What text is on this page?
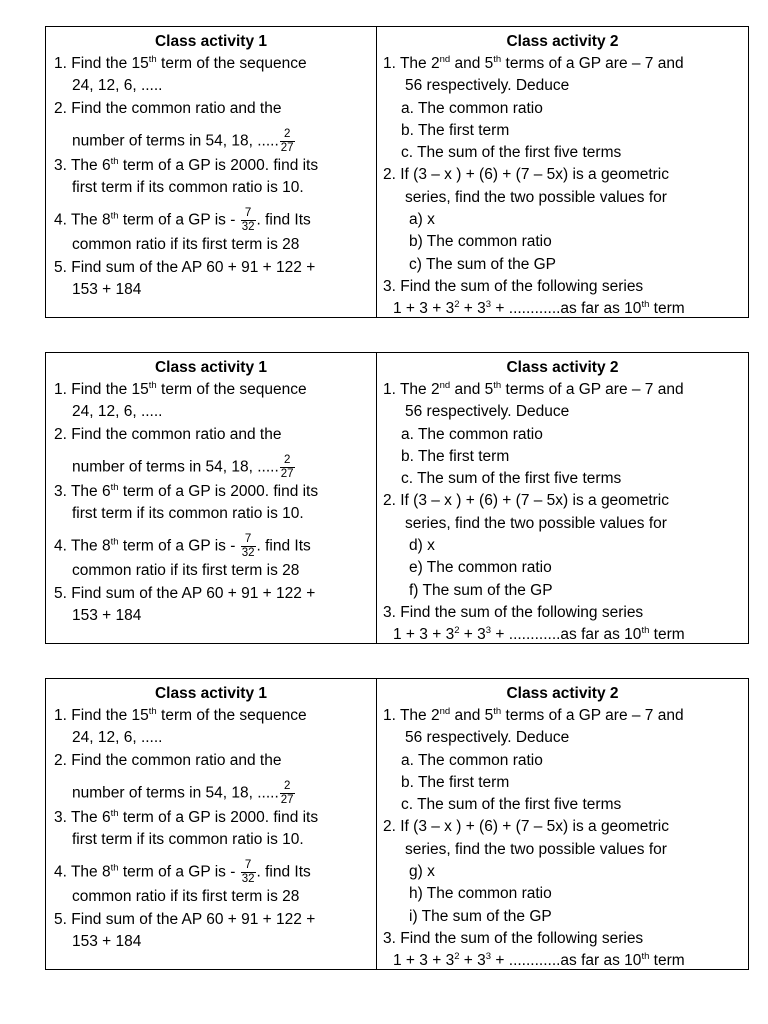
Class activity 1
1. Find the 15th term of the sequence
24, 12, 6, .....
2. Find the common ratio and the
number of terms in 54, 18, ..... $\frac{2}{27}$
3. The 6th term of a GP is 2000. find its
first term if its common ratio is 10.
4. The 8th term of a GP is - $\frac{7}{32}$ . find Its
common ratio if its first term is 28
5. Find sum of the AP 60 + 91 + 122 +
153 + 184
Class activity 2
1. The 2nd and 5th terms of a GP are – 7 and
56 respectively. Deduce
a. The common ratio
b. The first term
c. The sum of the first five terms
2. If (3 – x ) + (6) + (7 – 5x) is a geometric
series, find the two possible values for
a) x
b) The common ratio
c) The sum of the GP
3. Find the sum of the following series
$1 + 3 + 3^2 + 3^3 + ............as$ far as 10th term
Class activity 1
1. Find the 15th term of the sequence
24, 12, 6, .....
2. Find the common ratio and the
number of terms in 54, 18, ..... $\frac{2}{27}$
3. The 6th term of a GP is 2000. find its
first term if its common ratio is 10.
4. The 8th term of a GP is - $\frac{7}{32}$ . find Its
common ratio if its first term is 28
5. Find sum of the AP 60 + 91 + 122 +
153 + 184
Class activity 2
1. The 2nd and 5th terms of a GP are – 7 and
56 respectively. Deduce
a. The common ratio
b. The first term
c. The sum of the first five terms
2. If (3 – x ) + (6) + (7 – 5x) is a geometric
series, find the two possible values for
d) x
e) The common ratio
f) The sum of the GP
3. Find the sum of the following series
$1 + 3 + 3^2 + 3^3 + ............as$ far as 10th term
Class activity 1
1. Find the 15th term of the sequence
24, 12, 6, .....
2. Find the common ratio and the
number of terms in 54, 18, ..... $\frac{2}{27}$
3. The 6th term of a GP is 2000. find its
first term if its common ratio is 10.
4. The 8th term of a GP is - $\frac{7}{32}$ . find Its
common ratio if its first term is 28
5. Find sum of the AP 60 + 91 + 122 +
153 + 184
Class activity 2
1. The 2nd and 5th terms of a GP are – 7 and
56 respectively. Deduce
a. The common ratio
b. The first term
c. The sum of the first five terms
2. If (3 – x ) + (6) + (7 – 5x) is a geometric
series, find the two possible values for
g) x
h) The common ratio
i) The sum of the GP
3. Find the sum of the following series
$1 + 3 + 3^2 + 3^3 + ............as$ far as 10th term
